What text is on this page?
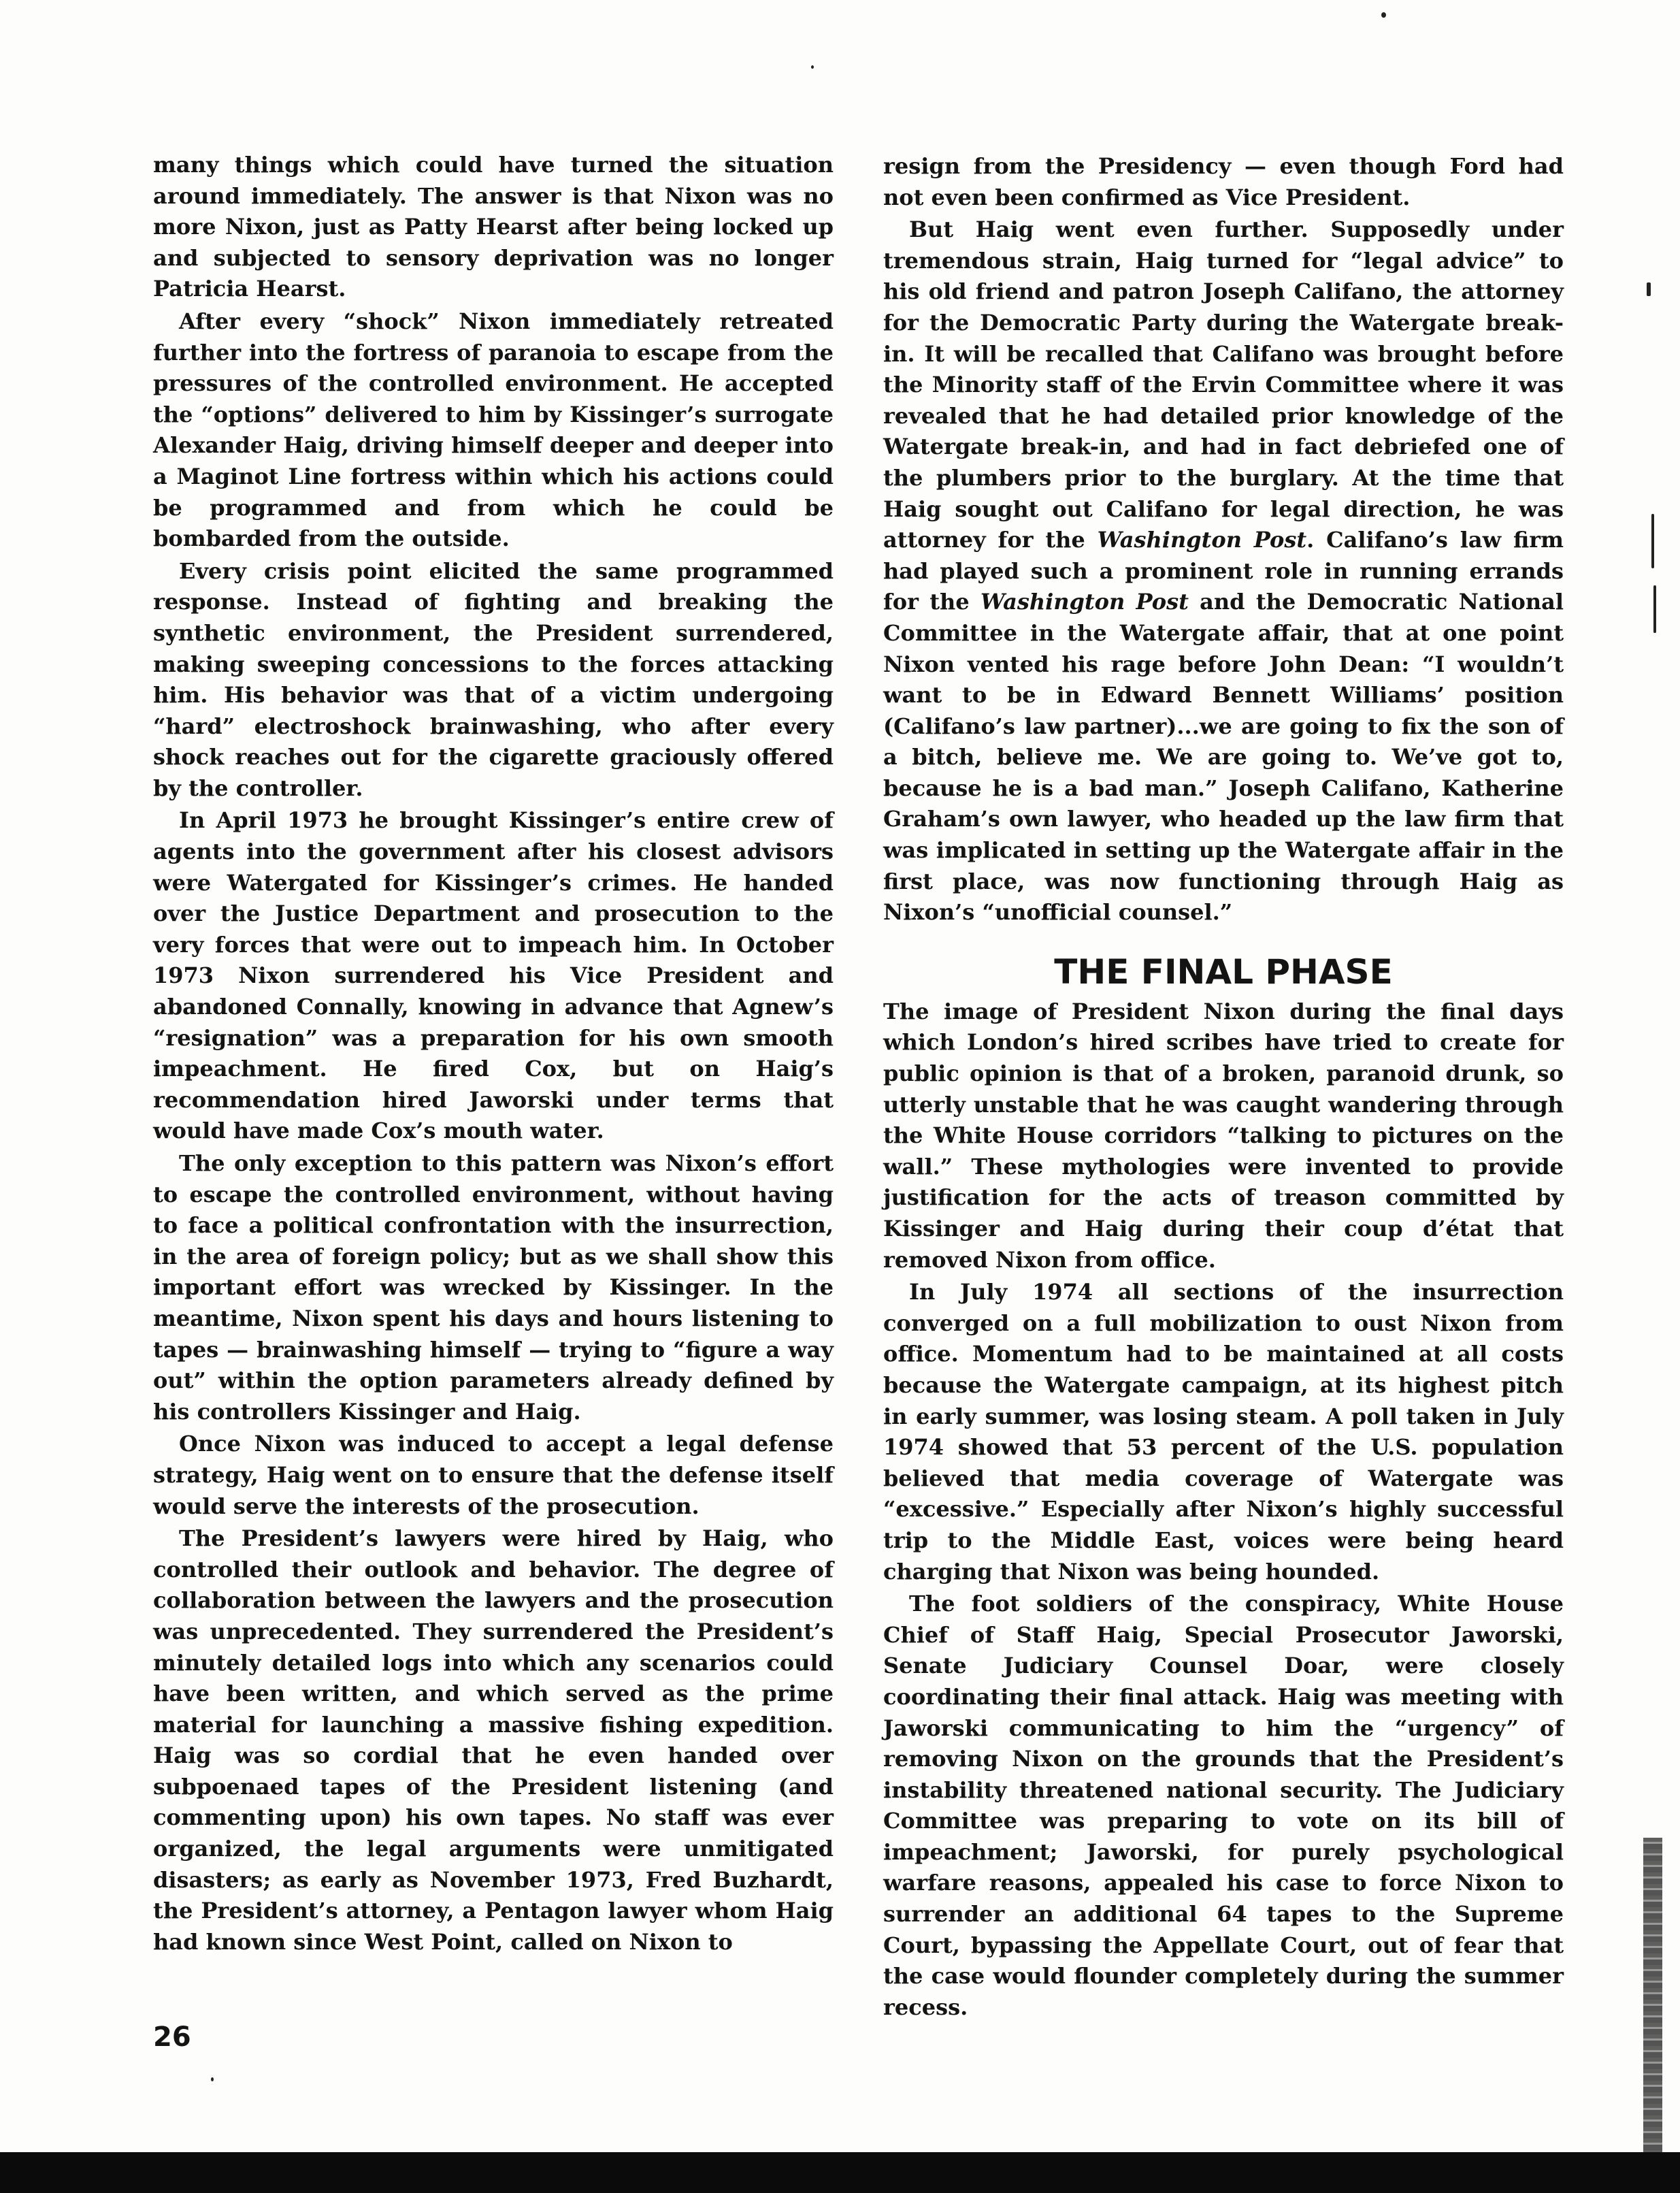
many things which could have turned the situation around immediately. The answer is that Nixon was no more Nixon, just as Patty Hearst after being locked up and subjected to sensory deprivation was no longer Patricia Hearst.

After every “shock” Nixon immediately retreated further into the fortress of paranoia to escape from the pressures of the controlled environment. He accepted the “options” delivered to him by Kissinger’s surrogate Alexander Haig, driving himself deeper and deeper into a Maginot Line fortress within which his actions could be programmed and from which he could be bombarded from the outside.

Every crisis point elicited the same programmed response. Instead of fighting and breaking the synthetic environment, the President surrendered, making sweeping concessions to the forces attacking him. His behavior was that of a victim undergoing “hard” electroshock brainwashing, who after every shock reaches out for the cigarette graciously offered by the controller.

In April 1973 he brought Kissinger’s entire crew of agents into the government after his closest advisors were Watergated for Kissinger’s crimes. He handed over the Justice Department and prosecution to the very forces that were out to impeach him. In October 1973 Nixon surrendered his Vice President and abandoned Connally, knowing in advance that Agnew’s “resignation” was a preparation for his own smooth impeachment. He fired Cox, but on Haig’s recommendation hired Jaworski under terms that would have made Cox’s mouth water.

The only exception to this pattern was Nixon’s effort to escape the controlled environment, without having to face a political confrontation with the insurrection, in the area of foreign policy; but as we shall show this important effort was wrecked by Kissinger. In the meantime, Nixon spent his days and hours listening to tapes — brainwashing himself — trying to “figure a way out” within the option parameters already defined by his controllers Kissinger and Haig.

Once Nixon was induced to accept a legal defense strategy, Haig went on to ensure that the defense itself would serve the interests of the prosecution.

The President’s lawyers were hired by Haig, who controlled their outlook and behavior. The degree of collaboration between the lawyers and the prosecution was unprecedented. They surrendered the President’s minutely detailed logs into which any scenarios could have been written, and which served as the prime material for launching a massive fishing expedition. Haig was so cordial that he even handed over subpoenaed tapes of the President listening (and commenting upon) his own tapes. No staff was ever organized, the legal arguments were unmitigated disasters; as early as November 1973, Fred Buzhardt, the President’s attorney, a Pentagon lawyer whom Haig had known since West Point, called on Nixon to

resign from the Presidency — even though Ford had not even been confirmed as Vice President.

But Haig went even further. Supposedly under tremendous strain, Haig turned for “legal advice” to his old friend and patron Joseph Califano, the attorney for the Democratic Party during the Watergate break-in. It will be recalled that Califano was brought before the Minority staff of the Ervin Committee where it was revealed that he had detailed prior knowledge of the Watergate break-in, and had in fact debriefed one of the plumbers prior to the burglary. At the time that Haig sought out Califano for legal direction, he was attorney for the Washington Post. Califano’s law firm had played such a prominent role in running errands for the Washington Post and the Democratic National Committee in the Watergate affair, that at one point Nixon vented his rage before John Dean: “I wouldn’t want to be in Edward Bennett Williams’ position (Califano’s law partner)...we are going to fix the son of a bitch, believe me. We are going to. We’ve got to, because he is a bad man.” Joseph Califano, Katherine Graham’s own lawyer, who headed up the law firm that was implicated in setting up the Watergate affair in the first place, was now functioning through Haig as Nixon’s “unofficial counsel.”

THE FINAL PHASE

The image of President Nixon during the final days which London’s hired scribes have tried to create for public opinion is that of a broken, paranoid drunk, so utterly unstable that he was caught wandering through the White House corridors “talking to pictures on the wall.” These mythologies were invented to provide justification for the acts of treason committed by Kissinger and Haig during their coup d’état that removed Nixon from office.

In July 1974 all sections of the insurrection converged on a full mobilization to oust Nixon from office. Momentum had to be maintained at all costs because the Watergate campaign, at its highest pitch in early summer, was losing steam. A poll taken in July 1974 showed that 53 percent of the U.S. population believed that media coverage of Watergate was “excessive.” Especially after Nixon’s highly successful trip to the Middle East, voices were being heard charging that Nixon was being hounded.

The foot soldiers of the conspiracy, White House Chief of Staff Haig, Special Prosecutor Jaworski, Senate Judiciary Counsel Doar, were closely coordinating their final attack. Haig was meeting with Jaworski communicating to him the “urgency” of removing Nixon on the grounds that the President’s instability threatened national security. The Judiciary Committee was preparing to vote on its bill of impeachment; Jaworski, for purely psychological warfare reasons, appealed his case to force Nixon to surrender an additional 64 tapes to the Supreme Court, bypassing the Appellate Court, out of fear that the case would flounder completely during the summer recess.

26
